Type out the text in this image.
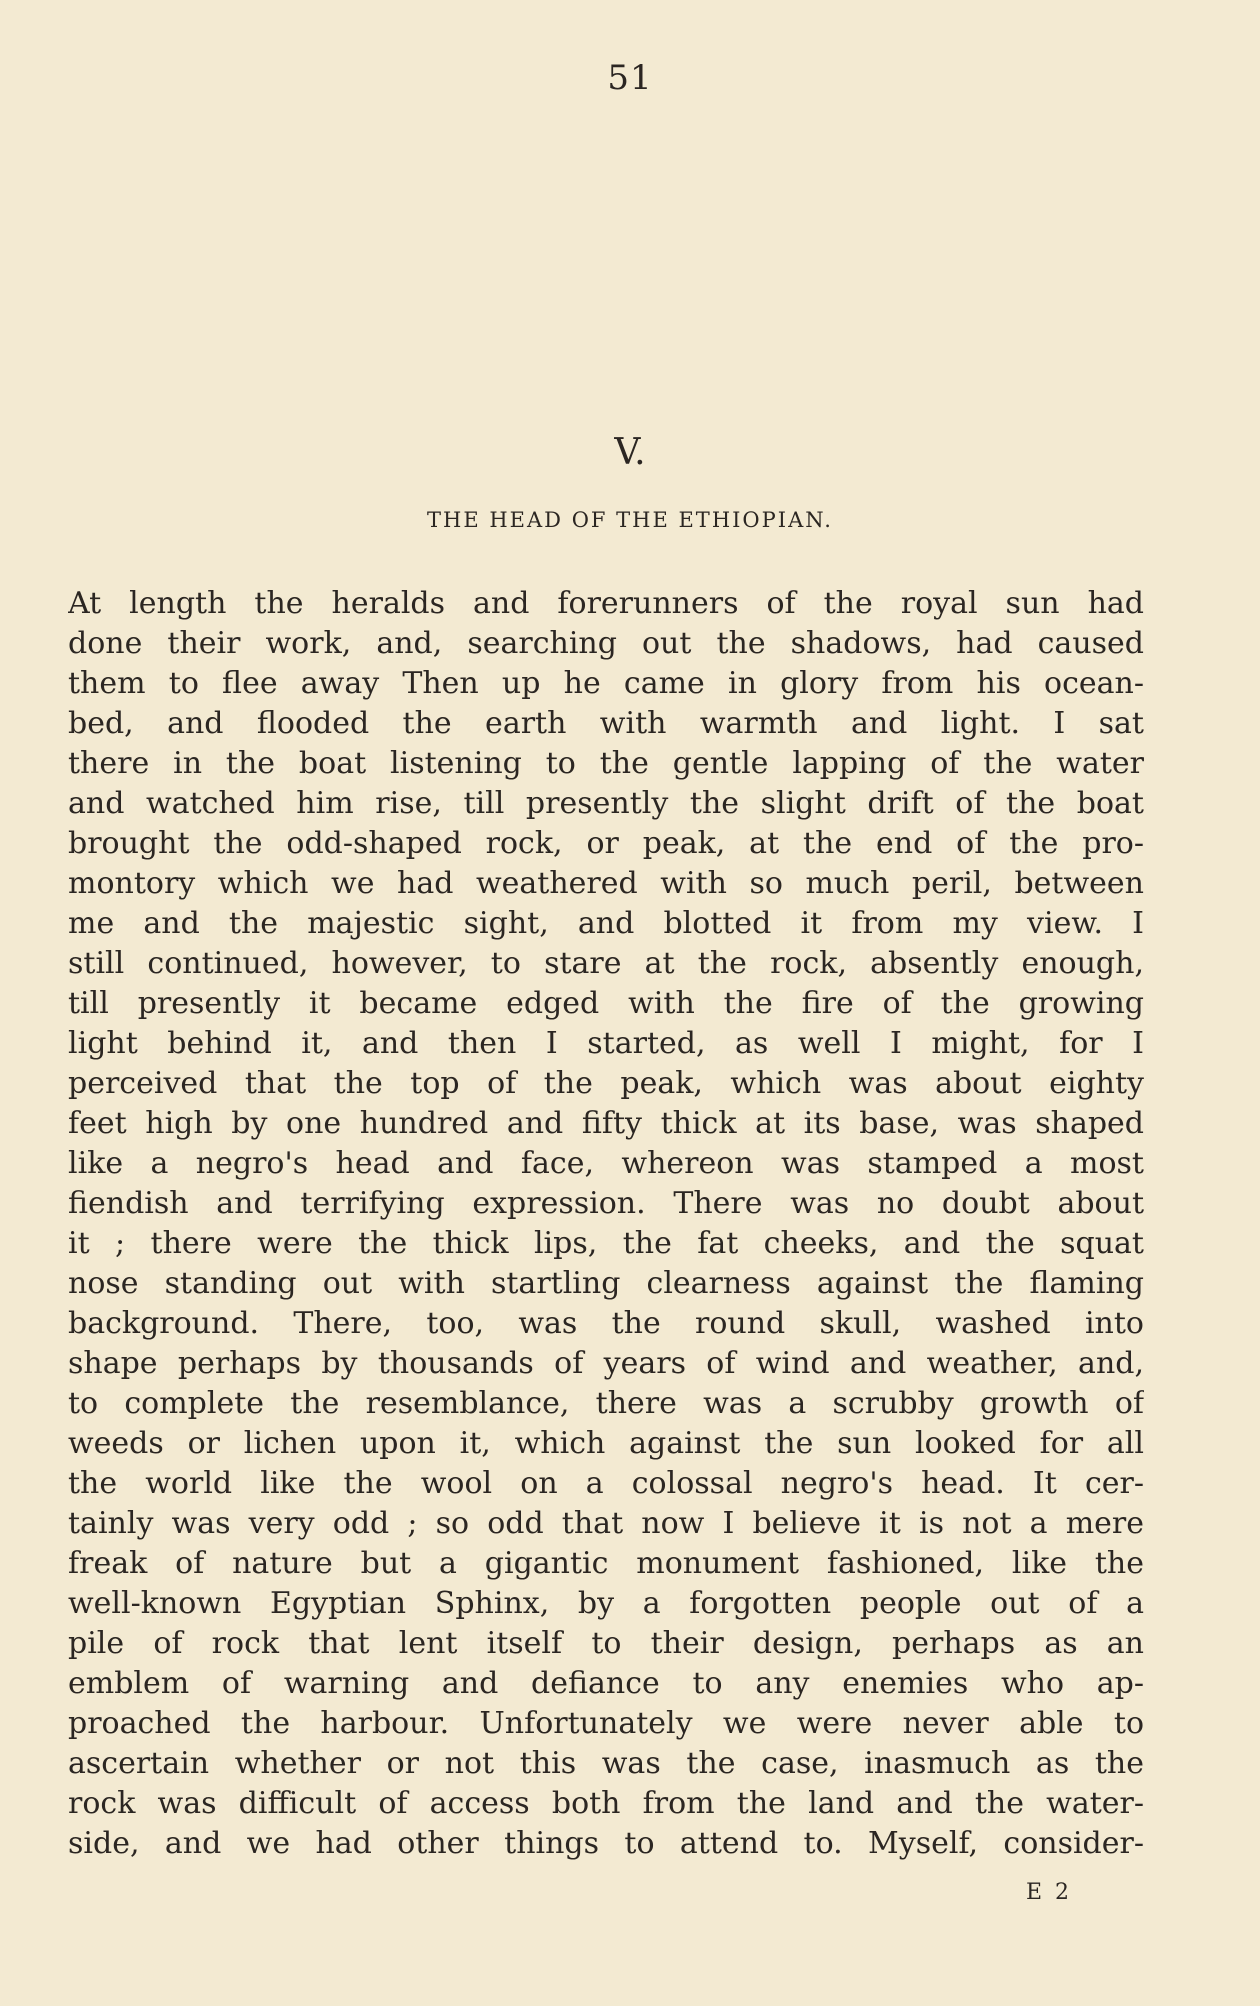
51
V.
THE HEAD OF THE ETHIOPIAN.
At length the heralds and forerunners of the royal sun had
done their work, and, searching out the shadows, had caused
them to flee away Then up he came in glory from his ocean-
bed, and flooded the earth with warmth and light. I sat
there in the boat listening to the gentle lapping of the water
and watched him rise, till presently the slight drift of the boat
brought the odd-shaped rock, or peak, at the end of the pro-
montory which we had weathered with so much peril, between
me and the majestic sight, and blotted it from my view. I
still continued, however, to stare at the rock, absently enough,
till presently it became edged with the fire of the growing
light behind it, and then I started, as well I might, for I
perceived that the top of the peak, which was about eighty
feet high by one hundred and fifty thick at its base, was shaped
like a negro's head and face, whereon was stamped a most
fiendish and terrifying expression. There was no doubt about
it ; there were the thick lips, the fat cheeks, and the squat
nose standing out with startling clearness against the flaming
background. There, too, was the round skull, washed into
shape perhaps by thousands of years of wind and weather, and,
to complete the resemblance, there was a scrubby growth of
weeds or lichen upon it, which against the sun looked for all
the world like the wool on a colossal negro's head. It cer-
tainly was very odd ; so odd that now I believe it is not a mere
freak of nature but a gigantic monument fashioned, like the
well-known Egyptian Sphinx, by a forgotten people out of a
pile of rock that lent itself to their design, perhaps as an
emblem of warning and defiance to any enemies who ap-
proached the harbour. Unfortunately we were never able to
ascertain whether or not this was the case, inasmuch as the
rock was difficult of access both from the land and the water-
side, and we had other things to attend to. Myself, consider-
E 2
